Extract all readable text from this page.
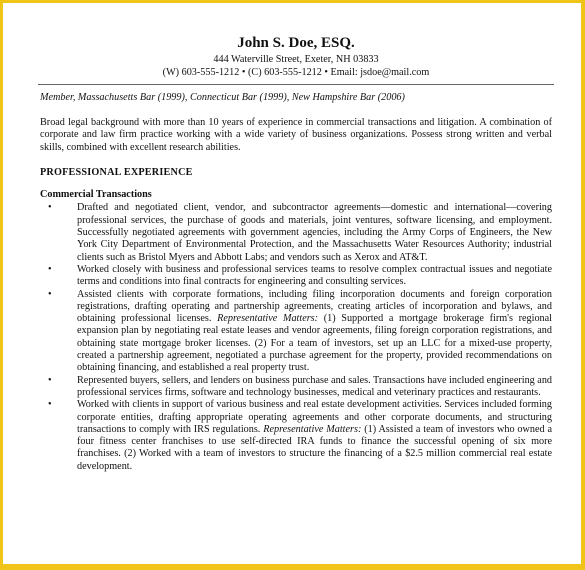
John S. Doe, ESQ.
444 Waterville Street, Exeter, NH 03833
(W) 603-555-1212 • (C) 603-555-1212 • Email: jsdoe@mail.com
Member, Massachusetts Bar (1999), Connecticut Bar (1999), New Hampshire Bar (2006)
Broad legal background with more than 10 years of experience in commercial transactions and litigation. A combination of corporate and law firm practice working with a wide variety of business organizations. Possess strong written and verbal skills, combined with excellent research abilities.
PROFESSIONAL EXPERIENCE
Commercial Transactions
• Drafted and negotiated client, vendor, and subcontractor agreements—domestic and international—covering professional services, the purchase of goods and materials, joint ventures, software licensing, and employment. Successfully negotiated agreements with government agencies, including the Army Corps of Engineers, the New York City Department of Environmental Protection, and the Massachusetts Water Resources Authority; industrial clients such as Bristol Myers and Abbott Labs; and vendors such as Xerox and AT&T.
• Worked closely with business and professional services teams to resolve complex contractual issues and negotiate terms and conditions into final contracts for engineering and consulting services.
• Assisted clients with corporate formations, including filing incorporation documents and foreign corporation registrations, drafting operating and partnership agreements, creating articles of incorporation and bylaws, and obtaining professional licenses. Representative Matters: (1) Supported a mortgage brokerage firm's regional expansion plan by negotiating real estate leases and vendor agreements, filing foreign corporation registrations, and obtaining state mortgage broker licenses. (2) For a team of investors, set up an LLC for a mixed-use property, created a partnership agreement, negotiated a purchase agreement for the property, provided recommendations on obtaining financing, and established a real property trust.
• Represented buyers, sellers, and lenders on business purchase and sales. Transactions have included engineering and professional services firms, software and technology businesses, medical and veterinary practices and restaurants.
• Worked with clients in support of various business and real estate development activities. Services included forming corporate entities, drafting appropriate operating agreements and other corporate documents, and structuring transactions to comply with IRS regulations. Representative Matters: (1) Assisted a team of investors who owned a four fitness center franchises to use self-directed IRA funds to finance the successful opening of six more franchises. (2) Worked with a team of investors to structure the financing of a $2.5 million commercial real estate development.
